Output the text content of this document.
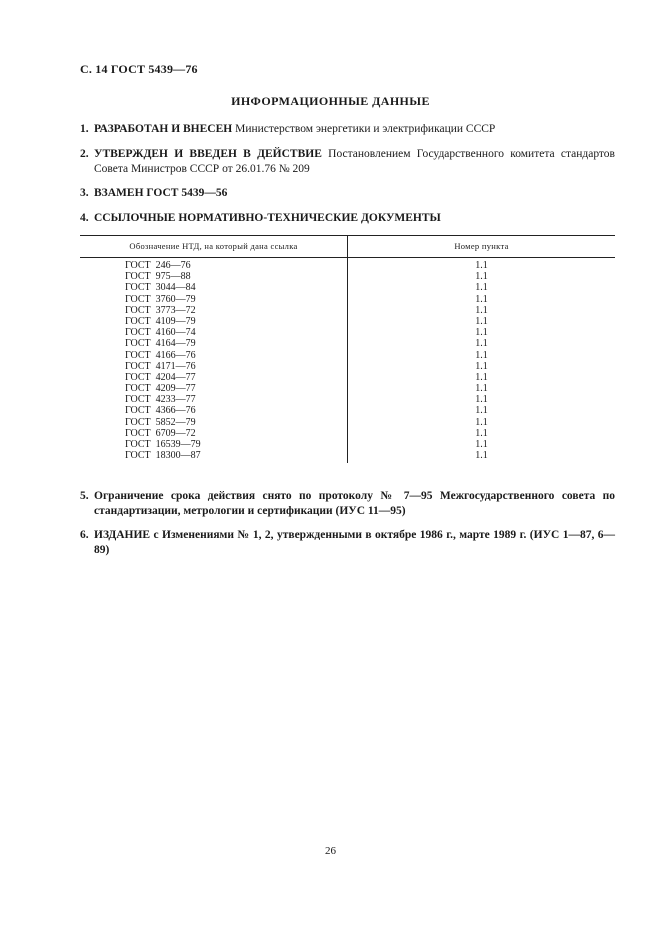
С. 14 ГОСТ 5439—76
ИНФОРМАЦИОННЫЕ ДАННЫЕ
1. РАЗРАБОТАН И ВНЕСЕН Министерством энергетики и электрификации СССР
2. УТВЕРЖДЕН И ВВЕДЕН В ДЕЙСТВИЕ Постановлением Государственного комитета стандартов Совета Министров СССР от 26.01.76 № 209
3. ВЗАМЕН ГОСТ 5439—56
4. ССЫЛОЧНЫЕ НОРМАТИВНО-ТЕХНИЧЕСКИЕ ДОКУМЕНТЫ
Обозначение НТД, на который дана ссылка	Номер пункта
ГОСТ  246—76	1.1
ГОСТ  975—88	1.1
ГОСТ  3044—84	1.1
ГОСТ  3760—79	1.1
ГОСТ  3773—72	1.1
ГОСТ  4109—79	1.1
ГОСТ  4160—74	1.1
ГОСТ  4164—79	1.1
ГОСТ  4166—76	1.1
ГОСТ  4171—76	1.1
ГОСТ  4204—77	1.1
ГОСТ  4209—77	1.1
ГОСТ  4233—77	1.1
ГОСТ  4366—76	1.1
ГОСТ  5852—79	1.1
ГОСТ  6709—72	1.1
ГОСТ  16539—79	1.1
ГОСТ  18300—87	1.1
5. Ограничение срока действия снято по протоколу № 7—95 Межгосударственного совета по стандартизации, метрологии и сертификации (ИУС 11—95)
6. ИЗДАНИЕ с Изменениями № 1, 2, утвержденными в октябре 1986 г., марте 1989 г. (ИУС 1—87, 6—89)
26
